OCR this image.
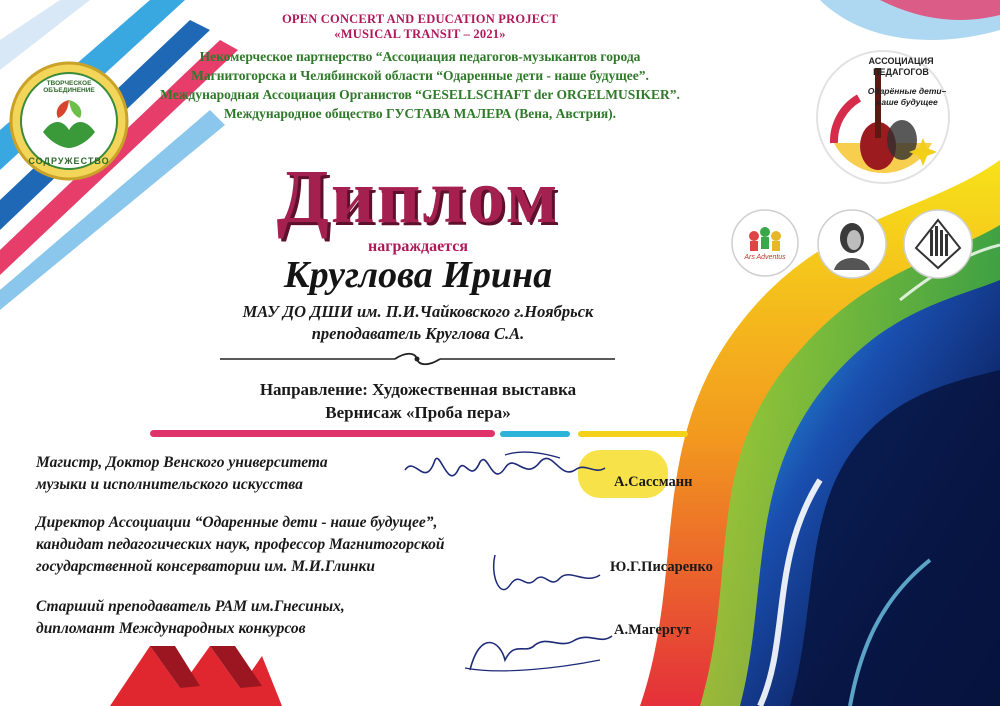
ТВОРЧЕСКОЕ ОБЪЕДИНЕНИЕ
СОДРУЖЕСТВО
АССОЦИАЦИЯ
ПЕДАГОГОВ
Одарённые дети–
наше будущее
Ars Adventus
OPEN CONCERT AND EDUCATION PROJECT
«MUSICAL TRANSIT – 2021»
Некомерческое партнерство “Ассоциация педагогов-музыкантов города
Магнитогорска и Челябинской области “Одаренные дети - наше будущее”.
Международная Ассоциация Органистов “GESELLSCHAFT der ORGELMUSIKER”.
Международное общество ГУСТАВА МАЛЕРА (Вена, Австрия).
Диплом
награждается
Круглова Ирина
МАУ ДО ДШИ им. П.И.Чайковского г.Ноябрьск
преподаватель Круглова С.А.
Направление: Художественная выставка
Вернисаж «Проба пера»
Магистр, Доктор Венского университета
музыки и исполнительского искусства	А.Сассманн
Директор Ассоциации “Одаренные дети - наше будущее”,
кандидат педагогических наук, профессор Магнитогорской
государственной консерватории им. М.И.Глинки	Ю.Г.Писаренко
Старший преподаватель РАМ им.Гнесиных,
дипломант Международных конкурсов	А.Магергут
